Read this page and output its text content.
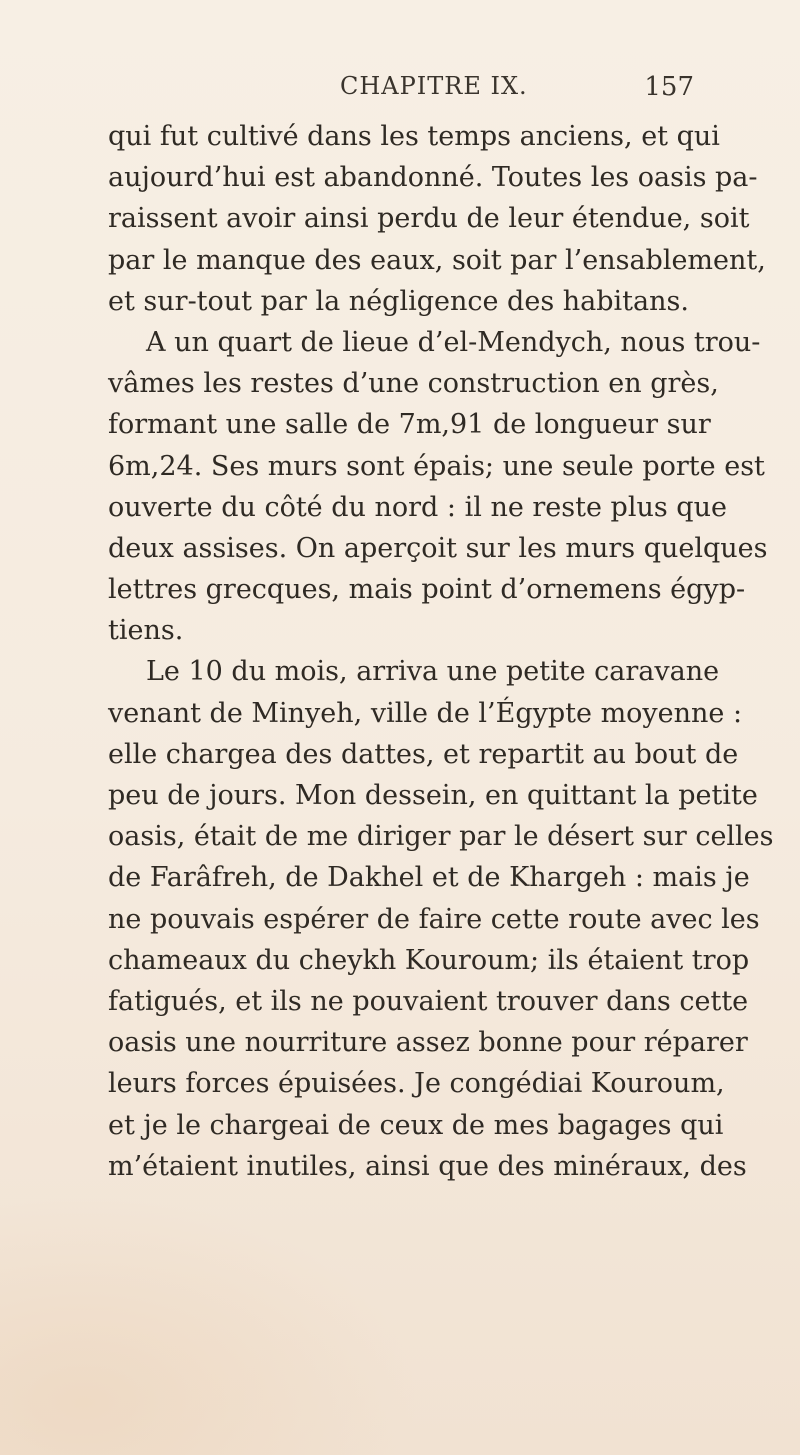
CHAPITRE IX.	157
qui fut cultivé dans les temps anciens, et qui
aujourd’hui est abandonné. Toutes les oasis pa-
raissent avoir ainsi perdu de leur étendue, soit
par le manque des eaux, soit par l’ensablement,
et sur-tout par la négligence des habitans.
A un quart de lieue d’el-Mendych, nous trou-
vâmes les restes d’une construction en grès,
formant une salle de 7m,91 de longueur sur
6m,24. Ses murs sont épais; une seule porte est
ouverte du côté du nord : il ne reste plus que
deux assises. On aperçoit sur les murs quelques
lettres grecques, mais point d’ornemens égyp-
tiens.
Le 10 du mois, arriva une petite caravane
venant de Minyeh, ville de l’Égypte moyenne :
elle chargea des dattes, et repartit au bout de
peu de jours. Mon dessein, en quittant la petite
oasis, était de me diriger par le désert sur celles
de Farâfreh, de Dakhel et de Khargeh : mais je
ne pouvais espérer de faire cette route avec les
chameaux du cheykh Kouroum; ils étaient trop
fatigués, et ils ne pouvaient trouver dans cette
oasis une nourriture assez bonne pour réparer
leurs forces épuisées. Je congédiai Kouroum,
et je le chargeai de ceux de mes bagages qui
m’étaient inutiles, ainsi que des minéraux, des
